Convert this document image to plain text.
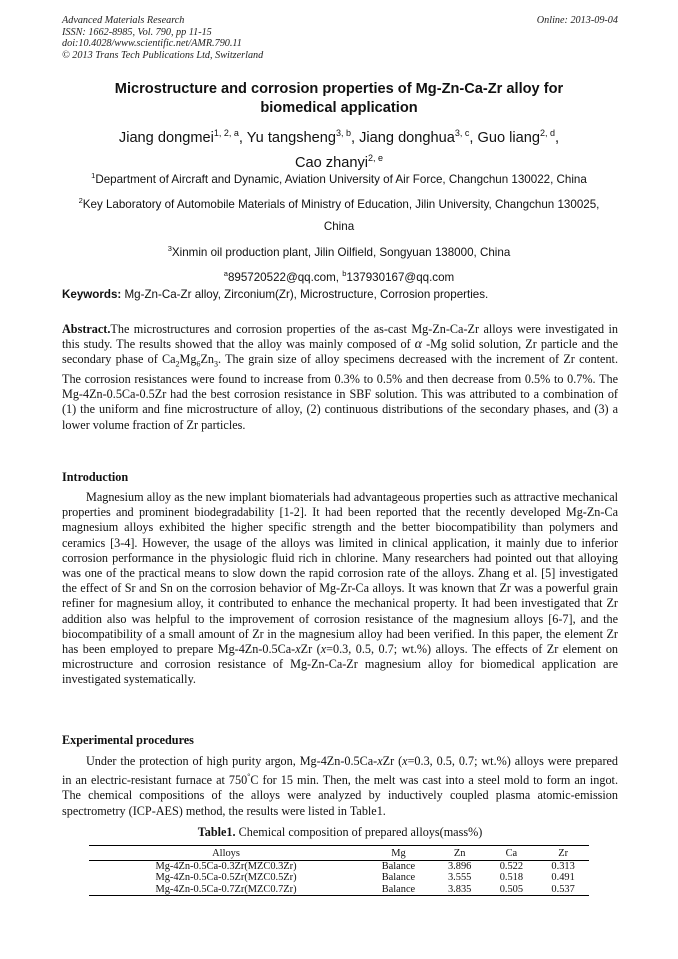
Advanced Materials Research
ISSN: 1662-8985, Vol. 790, pp 11-15
doi:10.4028/www.scientific.net/AMR.790.11
© 2013 Trans Tech Publications Ltd, Switzerland
Online: 2013-09-04
Microstructure and corrosion properties of Mg-Zn-Ca-Zr alloy for
biomedical application
Jiang dongmei$^{1, 2, a}$, Yu tangsheng$^{3, b}$, Jiang donghua$^{3, c}$, Guo liang$^{2, d}$,
Cao zhanyi$^{2, e}$
$^1$Department of Aircraft and Dynamic, Aviation University of Air Force, Changchun 130022, China
$^2$Key Laboratory of Automobile Materials of Ministry of Education, Jilin University, Changchun 130025, China
$^3$Xinmin oil production plant, Jilin Oilfield, Songyuan 138000, China
$^a$895720522@qq.com, $^b$137930167@qq.com
Keywords: Mg-Zn-Ca-Zr alloy, Zirconium(Zr), Microstructure, Corrosion properties.
Abstract.The microstructures and corrosion properties of the as-cast Mg-Zn-Ca-Zr alloys were investigated in this study. The results showed that the alloy was mainly composed of α -Mg solid solution, Zr particle and the secondary phase of $Ca_2Mg_6Zn_3$. The grain size of alloy specimens decreased with the increment of Zr content. The corrosion resistances were found to increase from 0.3% to 0.5% and then decrease from 0.5% to 0.7%. The Mg-4Zn-0.5Ca-0.5Zr had the best corrosion resistance in SBF solution. This was attributed to a combination of (1) the uniform and fine microstructure of alloy, (2) continuous distributions of the secondary phases, and (3) a lower volume fraction of Zr particles.
Introduction
Magnesium alloy as the new implant biomaterials had advantageous properties such as attractive mechanical properties and prominent biodegradability [1-2]. It had been reported that the recently developed Mg-Zn-Ca magnesium alloys exhibited the higher specific strength and the better biocompatibility than polymers and ceramics [3-4]. However, the usage of the alloys was limited in clinical application, it mainly due to inferior corrosion performance in the physiologic fluid rich in chlorine. Many researchers had pointed out that alloying was one of the practical means to slow down the rapid corrosion rate of the alloys. Zhang et al. [5] investigated the effect of Sr and Sn on the corrosion behavior of Mg-Zr-Ca alloys. It was known that Zr was a powerful grain refiner for magnesium alloy, it contributed to enhance the mechanical property. It had been investigated that Zr addition also was helpful to the improvement of corrosion resistance of the magnesium alloys [6-7], and the biocompatibility of a small amount of Zr in the magnesium alloy had been verified. In this paper, the element Zr has been employed to prepare Mg-4Zn-0.5Ca-xZr (x=0.3, 0.5, 0.7; wt.%) alloys. The effects of Zr element on microstructure and corrosion resistance of Mg-Zn-Ca-Zr magnesium alloy for biomedical application are investigated systematically.
Experimental procedures
Under the protection of high purity argon, Mg-4Zn-0.5Ca-xZr (x=0.3, 0.5, 0.7; wt.%) alloys were prepared in an electric-resistant furnace at 750°C for 15 min. Then, the melt was cast into a steel mold to form an ingot. The chemical compositions of the alloys were analyzed by inductively coupled plasma atomic-emission spectrometry (ICP-AES) method, the results were listed in Table1.
Table1. Chemical composition of prepared alloys(mass%)
Alloys	Mg	Zn	Ca	Zr
Mg-4Zn-0.5Ca-0.3Zr(MZC0.3Zr)	Balance	3.896	0.522	0.313
Mg-4Zn-0.5Ca-0.5Zr(MZC0.5Zr)	Balance	3.555	0.518	0.491
Mg-4Zn-0.5Ca-0.7Zr(MZC0.7Zr)	Balance	3.835	0.505	0.537
